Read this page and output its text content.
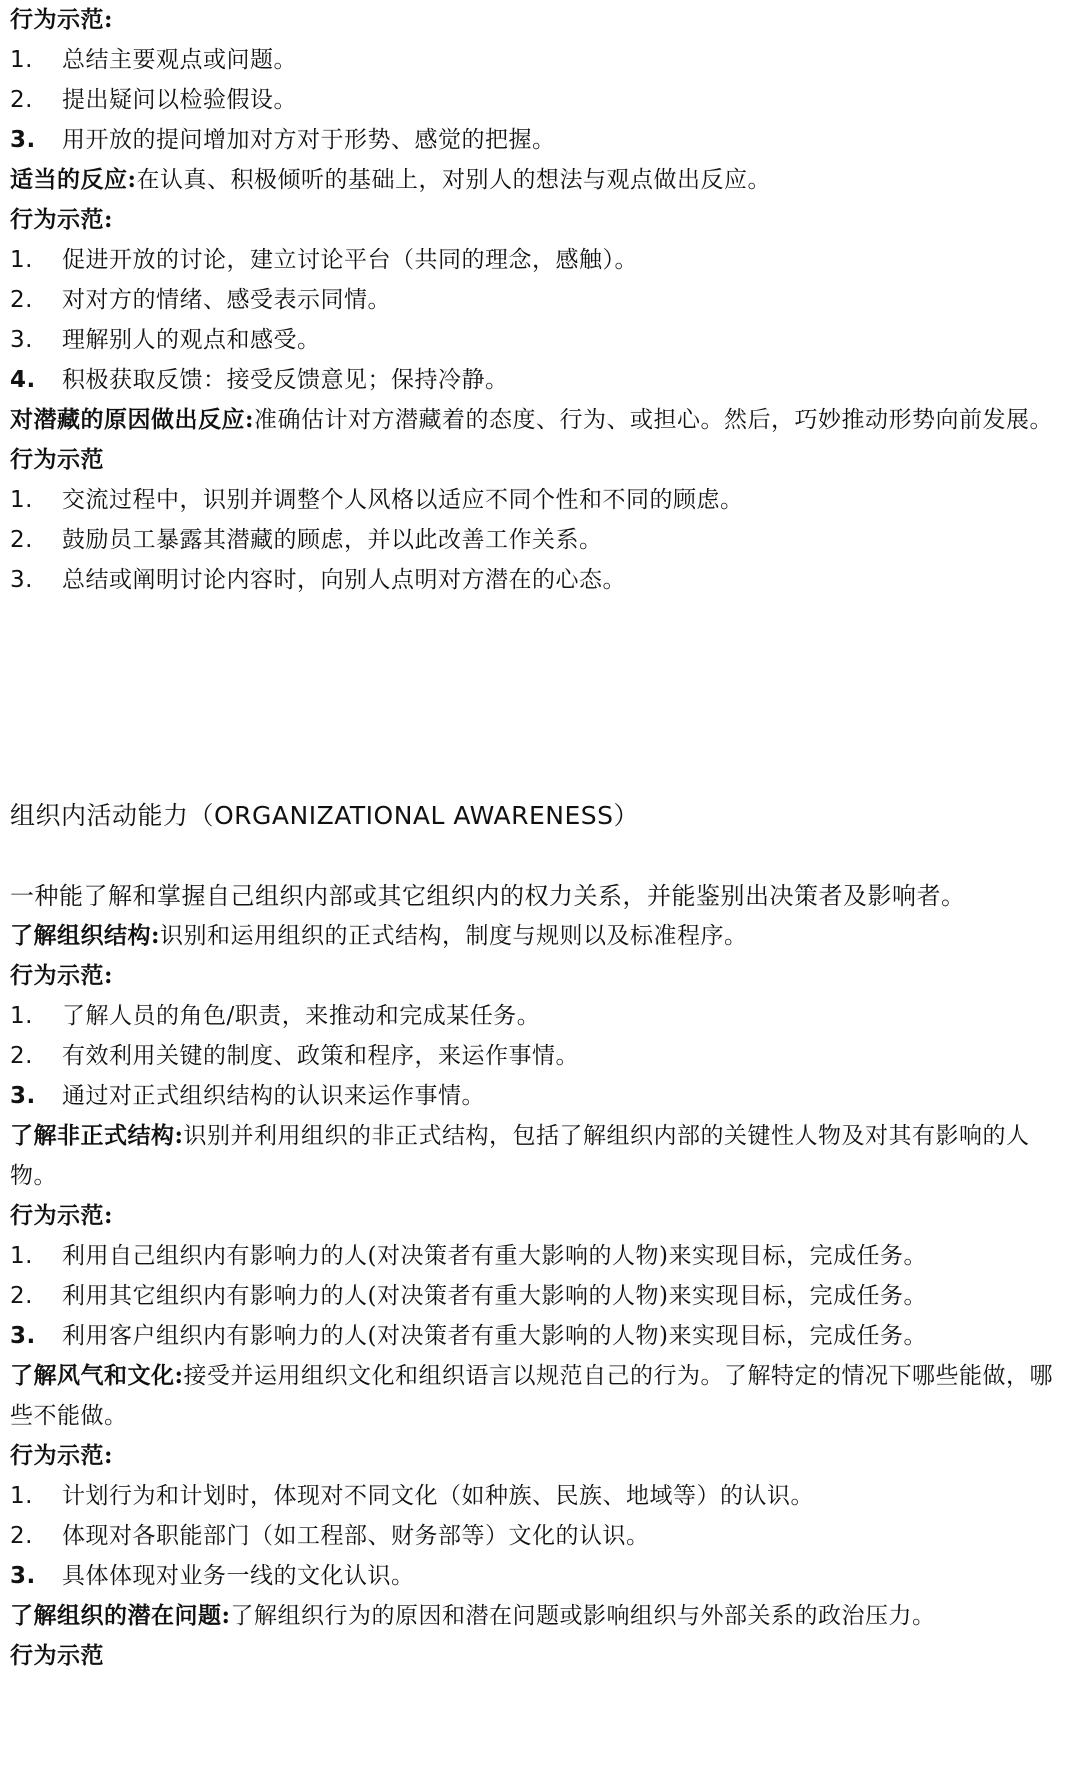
行为示范:
1. 总结主要观点或问题。
2. 提出疑问以检验假设。
3. 用开放的提问增加对方对于形势、感觉的把握。
适当的反应:在认真、积极倾听的基础上，对别人的想法与观点做出反应。
行为示范:
1. 促进开放的讨论，建立讨论平台（共同的理念，感触）。
2. 对对方的情绪、感受表示同情。
3. 理解别人的观点和感受。
4. 积极获取反馈：接受反馈意见；保持冷静。
对潜藏的原因做出反应:准确估计对方潜藏着的态度、行为、或担心。然后，巧妙推动形势向前发展。
行为示范
1. 交流过程中，识别并调整个人风格以适应不同个性和不同的顾虑。
2. 鼓励员工暴露其潜藏的顾虑，并以此改善工作关系。
3. 总结或阐明讨论内容时，向别人点明对方潜在的心态。
组织内活动能力（ORGANIZATIONAL AWARENESS）
一种能了解和掌握自己组织内部或其它组织内的权力关系，并能鉴别出决策者及影响者。
了解组织结构:识别和运用组织的正式结构，制度与规则以及标准程序。
行为示范:
1. 了解人员的角色/职责，来推动和完成某任务。
2. 有效利用关键的制度、政策和程序，来运作事情。
3. 通过对正式组织结构的认识来运作事情。
了解非正式结构:识别并利用组织的非正式结构，包括了解组织内部的关键性人物及对其有影响的人物。
行为示范:
1. 利用自己组织内有影响力的人(对决策者有重大影响的人物)来实现目标，完成任务。
2. 利用其它组织内有影响力的人(对决策者有重大影响的人物)来实现目标，完成任务。
3. 利用客户组织内有影响力的人(对决策者有重大影响的人物)来实现目标，完成任务。
了解风气和文化:接受并运用组织文化和组织语言以规范自己的行为。了解特定的情况下哪些能做，哪些不能做。
行为示范:
1. 计划行为和计划时，体现对不同文化（如种族、民族、地域等）的认识。
2. 体现对各职能部门（如工程部、财务部等）文化的认识。
3. 具体体现对业务一线的文化认识。
了解组织的潜在问题:了解组织行为的原因和潜在问题或影响组织与外部关系的政治压力。
行为示范
